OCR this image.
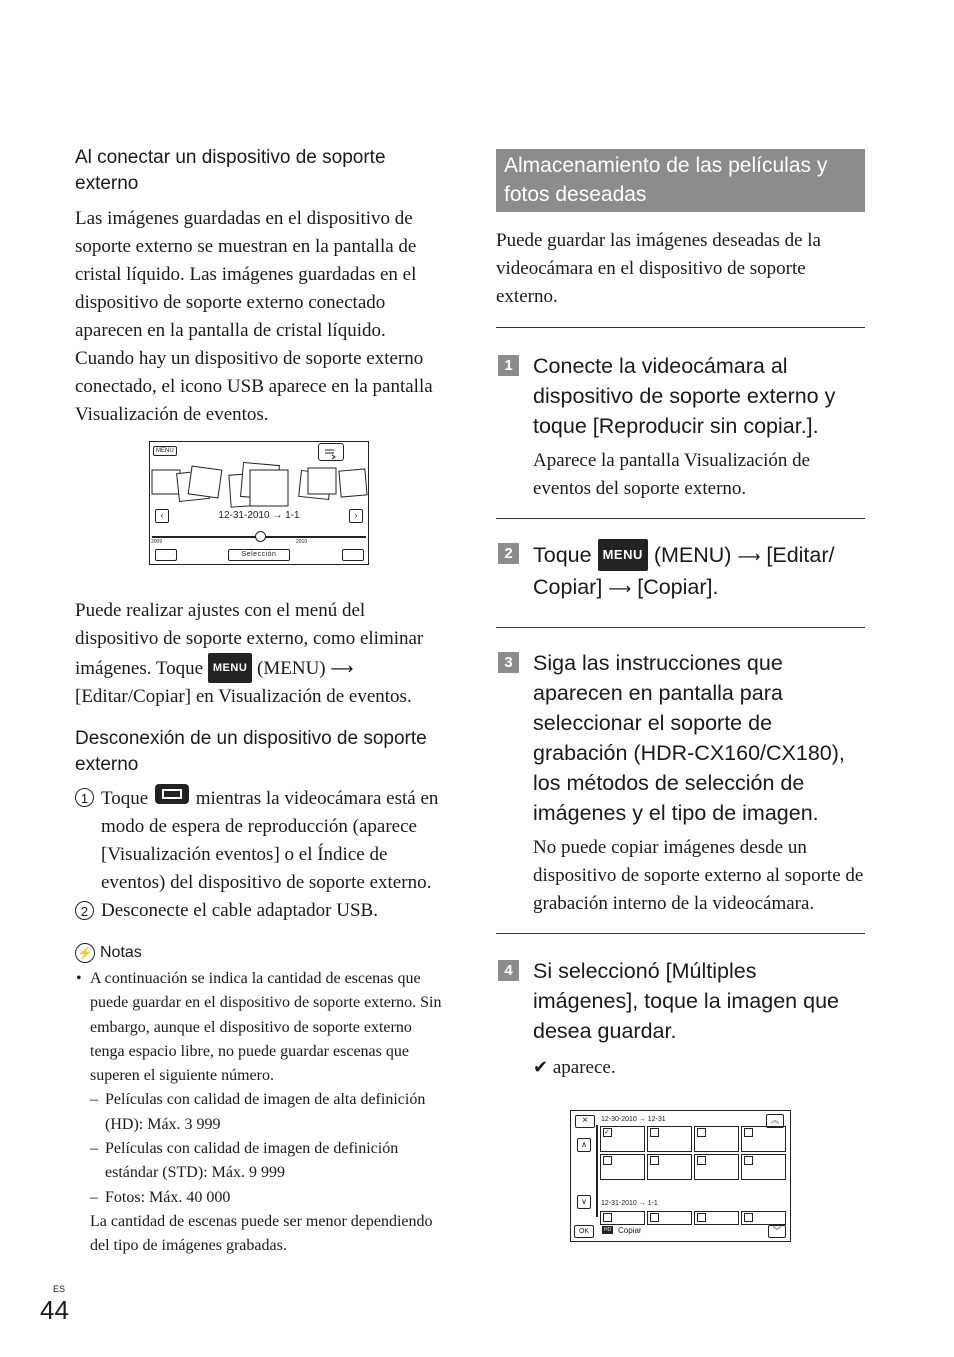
Al conectar un dispositivo de soporte externo

Las imágenes guardadas en el dispositivo de soporte externo se muestran en la pantalla de cristal líquido. Las imágenes guardadas en el dispositivo de soporte externo conectado aparecen en la pantalla de cristal líquido. Cuando hay un dispositivo de soporte externo conectado, el icono USB aparece en la pantalla Visualización de eventos.

MENU
‹	›
12-31-2010 → 1-1
2009	2010
Selección

Puede realizar ajustes con el menú del dispositivo de soporte externo, como eliminar imágenes. Toque MENU (MENU) ⟶ [Editar/Copiar] en Visualización de eventos.

Desconexión de un dispositivo de soporte externo

1 Toque	mientras la videocámara está en modo de espera de reproducción (aparece [Visualización eventos] o el Índice de eventos) del dispositivo de soporte externo.
2 Desconecte el cable adaptador USB.
⚡ Notas
• A continuación se indica la cantidad de escenas que puede guardar en el dispositivo de soporte externo. Sin embargo, aunque el dispositivo de soporte externo tenga espacio libre, no puede guardar escenas que superen el siguiente número.
– Películas con calidad de imagen de alta definición (HD): Máx. 3 999
– Películas con calidad de imagen de definición estándar (STD): Máx. 9 999
– Fotos: Máx. 40 000
La cantidad de escenas puede ser menor dependiendo del tipo de imágenes grabadas.
Almacenamiento de las películas y fotos deseadas

Puede guardar las imágenes deseadas de la videocámara en el dispositivo de soporte externo.

1 Conecte la videocámara al dispositivo de soporte externo y toque [Reproducir sin copiar.].

Aparece la pantalla Visualización de eventos del soporte externo.

2 Toque MENU (MENU) ⟶ [Editar/
Copiar] ⟶ [Copiar].

3 Siga las instrucciones que aparecen en pantalla para seleccionar el soporte de grabación (HDR-CX160/CX180), los métodos de selección de imágenes y el tipo de imagen.

No puede copiar imágenes desde un dispositivo de soporte externo al soporte de grabación interno de la videocámara.

4 Si seleccionó [Múltiples imágenes], toque la imagen que desea guardar.

✔ aparece.

×	12-30-2010 → 12-31	︽
∧
∨
✓
12-31-2010 → 1-1
OK	HD Copiar	︾
ES
44
